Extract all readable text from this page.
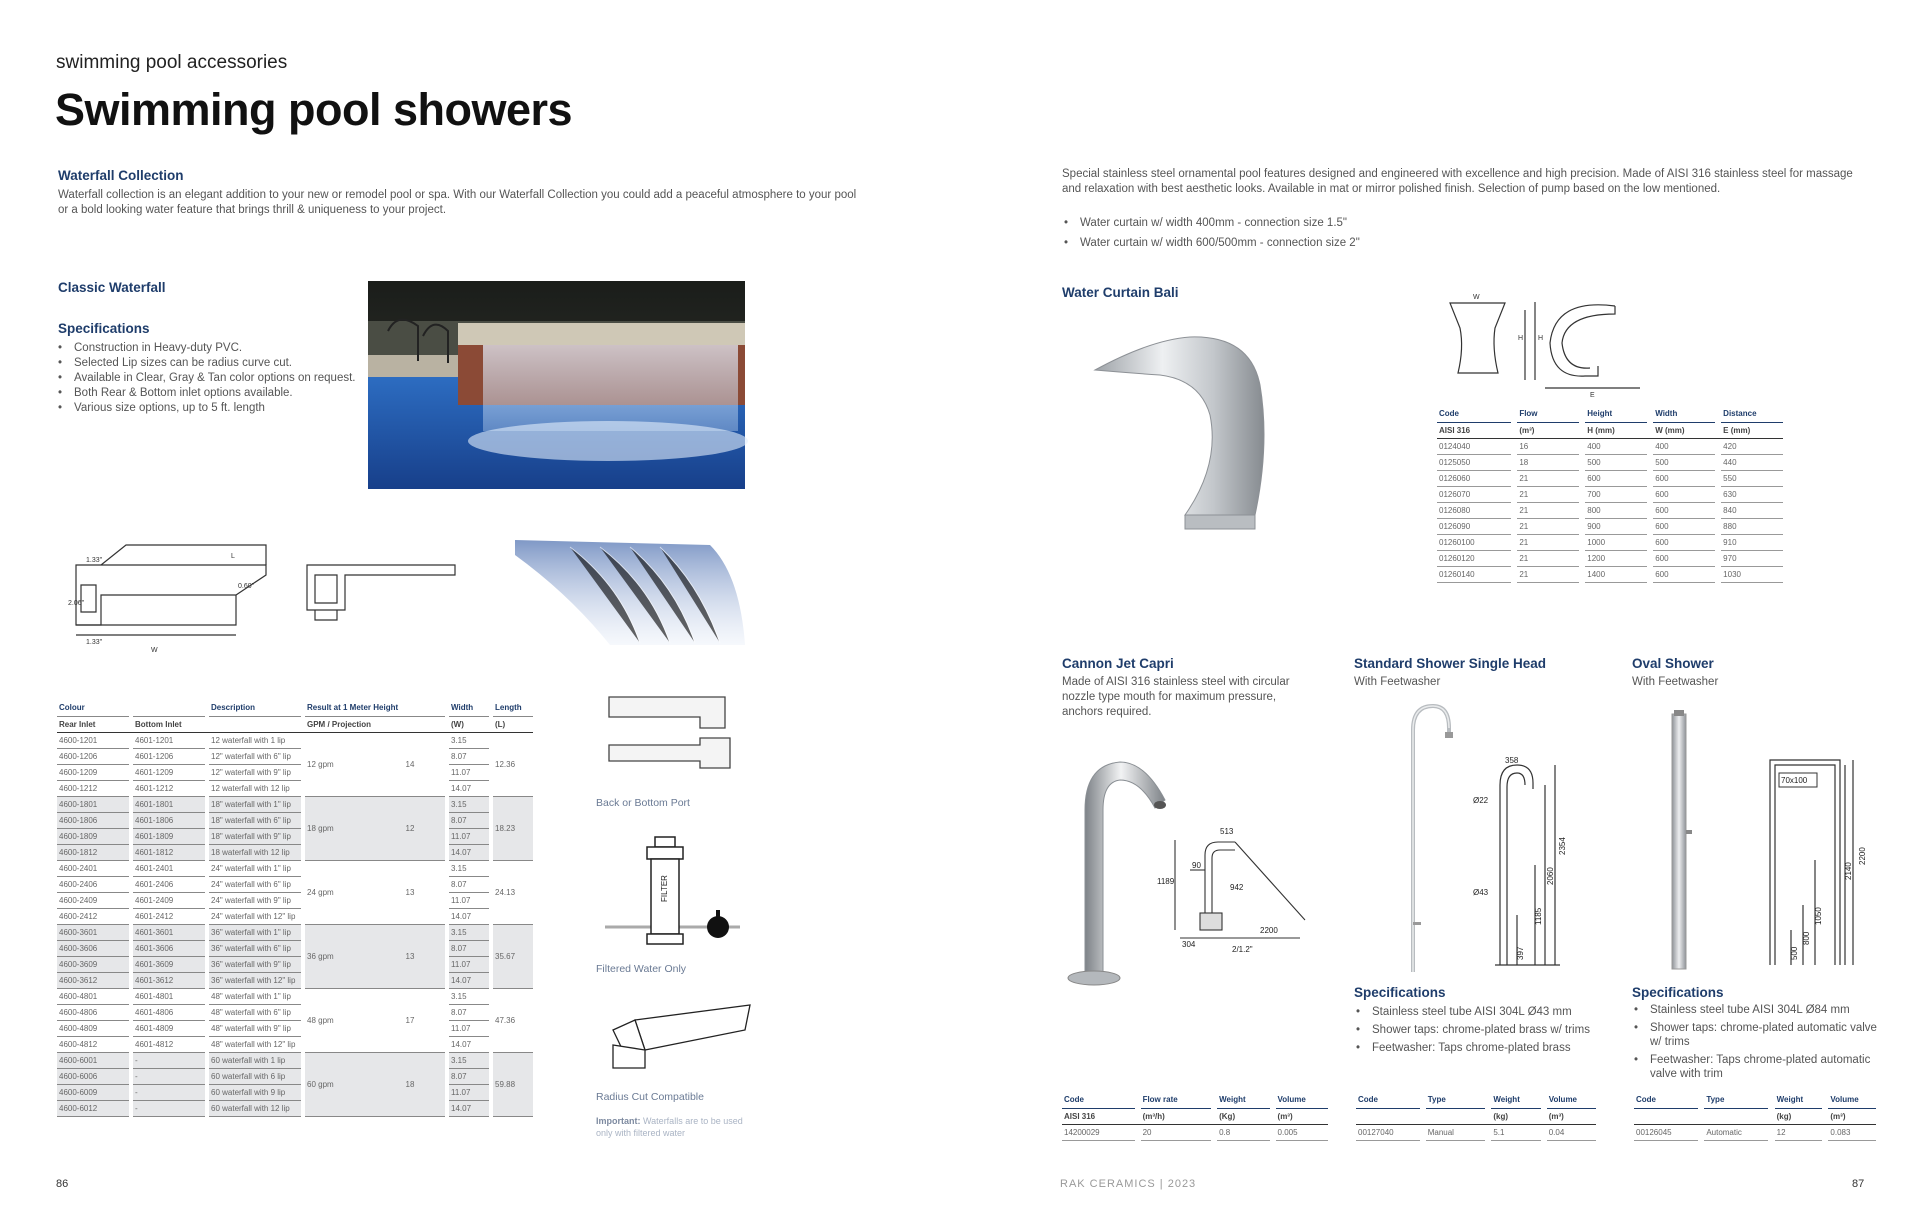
swimming pool accessories
Swimming pool showers
Waterfall Collection
Waterfall collection is an elegant addition to your new or remodel pool or spa. With our Waterfall Collection you could add a peaceful atmosphere to your pool or a bold looking water feature that brings thrill & uniqueness to your project.
Classic Waterfall
Specifications
• Construction in Heavy-duty PVC.
• Selected Lip sizes can be radius curve cut.
• Available in Clear, Gray & Tan color options on request.
• Both Rear & Bottom inlet options available.
• Various size options, up to 5 ft. length
1.33"
1.33"
2.06"
0.60"
W
L
Colour				Description		Result at 1 Meter Height			Width		Length
Rear Inlet		Bottom Inlet				GPM / Projection			(W)		(L)
4600-1201		4601-1201		12 waterfall with 1 lip		12 gpm	14		3.15		12.36
4600-1206		4601-1206		12" waterfall with 6" lip					8.07		
4600-1209		4601-1209		12" waterfall with 9" lip					11.07		
4600-1212		4601-1212		12 waterfall with 12 lip					14.07		
4600-1801		4601-1801		18" waterfall with 1" lip		18 gpm	12		3.15		18.23
4600-1806		4601-1806		18" waterfall with 6" lip					8.07		
4600-1809		4601-1809		18" waterfall with 9" lip					11.07		
4600-1812		4601-1812		18 waterfall with 12 lip					14.07		
4600-2401		4601-2401		24" waterfall with 1" lip		24 gpm	13		3.15		24.13
4600-2406		4601-2406		24" waterfall with 6" lip					8.07		
4600-2409		4601-2409		24" waterfall with 9" lip					11.07		
4600-2412		4601-2412		24" waterfall with 12" lip					14.07		
4600-3601		4601-3601		36" waterfall with 1" lip		36 gpm	13		3.15		35.67
4600-3606		4601-3606		36" waterfall with 6" lip					8.07		
4600-3609		4601-3609		36" waterfall with 9" lip					11.07		
4600-3612		4601-3612		36" waterfall with 12" lip					14.07		
4600-4801		4601-4801		48" waterfall with 1" lip		48 gpm	17		3.15		47.36
4600-4806		4601-4806		48" waterfall with 6" lip					8.07		
4600-4809		4601-4809		48" waterfall with 9" lip					11.07		
4600-4812		4601-4812		48" waterfall with 12" lip					14.07		
4600-6001		-		60 waterfall with 1 lip		60 gpm	18		3.15		59.88
4600-6006		-		60 waterfall with 6 lip					8.07		
4600-6009		-		60 waterfall with 9 lip					11.07		
4600-6012		-		60 waterfall with 12 lip					14.07		
Back or Bottom Port
FILTER
Filtered Water Only
Radius Cut Compatible
Important: Waterfalls are to be used only with filtered water
Special stainless steel ornamental pool features designed and engineered with excellence and high precision. Made of AISI 316 stainless steel for massage and relaxation with best aesthetic looks. Available in mat or mirror polished finish. Selection of pump based on the low mentioned.
• Water curtain w/ width 400mm - connection size 1.5"
• Water curtain w/ width 600/500mm - connection size 2"
Water Curtain Bali	W
H H
E
Code		Flow		Height		Width		Distance
AISI 316		(m³)		H (mm)		W (mm)		E (mm)
0124040		16		400		400		420
0125050		18		500		500		440
0126060		21		600		600		550
0126070		21		700		600		630
0126080		21		800		600		840
0126090		21		900		600		880
01260100		21		1000		600		910
01260120		21		1200		600		970
01260140		21		1400		600		1030
Cannon Jet Capri
Made of AISI 316 stainless steel with circular nozzle type mouth for maximum pressure, anchors required.
513
1189
90
942
304
2200
2/1.2"
Code		Flow rate		Weight		Volume
AISI 316		(m³/h)		(Kg)		(m³)
14200029		20		0.8		0.005
Standard Shower Single Head
With Feetwasher
358
Ø22
Ø43
2354
2060
1185
397
Specifications
• Stainless steel tube AISI 304L Ø43 mm
• Shower taps: chrome-plated brass w/ trims
• Feetwasher: Taps chrome-plated brass
Code		Type		Weight		Volume
				(kg)		(m³)
00127040		Manual		5.1		0.04
Oval Shower
With Feetwasher
70x100
2200
2140
1050
800
500
Specifications
• Stainless steel tube AISI 304L Ø84 mm
• Shower taps: chrome-plated automatic valve w/ trims
• Feetwasher: Taps chrome-plated automatic valve with trim
Code		Type		Weight		Volume
				(kg)		(m³)
00126045		Automatic		12		0.083
86	RAK CERAMICS | 2023	87
